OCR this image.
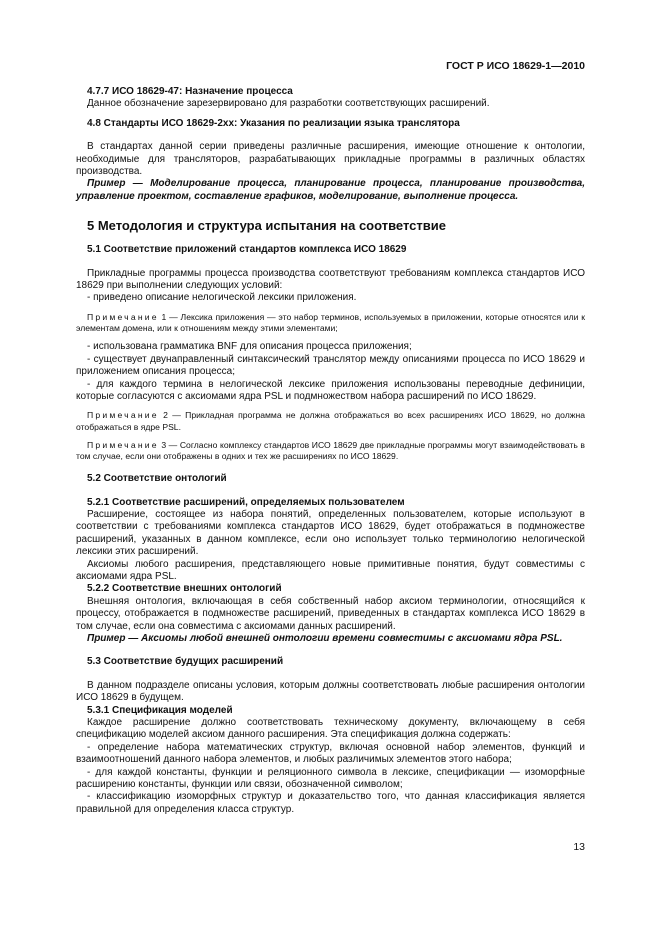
ГОСТ Р ИСО 18629-1—2010

4.7.7 ИСО 18629-47: Назначение процесса

Данное обозначение зарезервировано для разработки соответствующих расширений.

4.8 Стандарты ИСО 18629-2хх: Указания по реализации языка транслятора

В стандартах данной серии приведены различные расширения, имеющие отношение к онтологии, необходимые для трансляторов, разрабатывающих прикладные программы в различных областях производства.

Пример — Моделирование процесса, планирование процесса, планирование производства, управление проектом, составление графиков, моделирование, выполнение процесса.

5 Методология и структура испытания на соответствие

5.1 Соответствие приложений стандартов комплекса ИСО 18629

Прикладные программы процесса производства соответствуют требованиям комплекса стандартов ИСО 18629 при выполнении следующих условий:

- приведено описание нелогической лексики приложения.

Примечание 1 — Лексика приложения — это набор терминов, используемых в приложении, которые относятся или к элементам домена, или к отношениям между этими элементами;

- использована грамматика BNF для описания процесса приложения;

- существует двунаправленный синтаксический транслятор между описаниями процесса по ИСО 18629 и приложением описания процесса;

- для каждого термина в нелогической лексике приложения использованы переводные дефиниции, которые согласуются с аксиомами ядра PSL и подмножеством набора расширений по ИСО 18629.

Примечание 2 — Прикладная программа не должна отображаться во всех расширениях ИСО 18629, но должна отображаться в ядре PSL.

Примечание 3 — Согласно комплексу стандартов ИСО 18629 две прикладные программы могут взаимодействовать в том случае, если они отображены в одних и тех же расширениях по ИСО 18629.

5.2 Соответствие онтологий

5.2.1 Соответствие расширений, определяемых пользователем

Расширение, состоящее из набора понятий, определенных пользователем, которые используют в соответствии с требованиями комплекса стандартов ИСО 18629, будет отображаться в подмножестве расширений, указанных в данном комплексе, если оно использует только терминологию нелогической лексики этих расширений.

Аксиомы любого расширения, представляющего новые примитивные понятия, будут совместимы с аксиомами ядра PSL.

5.2.2 Соответствие внешних онтологий

Внешняя онтология, включающая в себя собственный набор аксиом терминологии, относящийся к процессу, отображается в подмножестве расширений, приведенных в стандартах комплекса ИСО 18629 в том случае, если она совместима с аксиомами данных расширений.

Пример — Аксиомы любой внешней онтологии времени совместимы с аксиомами ядра PSL.

5.3 Соответствие будущих расширений

В данном подразделе описаны условия, которым должны соответствовать любые расширения онтологии ИСО 18629 в будущем.

5.3.1 Спецификация моделей

Каждое расширение должно соответствовать техническому документу, включающему в себя спецификацию моделей аксиом данного расширения. Эта спецификация должна содержать:

- определение набора математических структур, включая основной набор элементов, функций и взаимоотношений данного набора элементов, и любых различимых элементов этого набора;

- для каждой константы, функции и реляционного символа в лексике, спецификации — изоморфные расширению константы, функции или связи, обозначенной символом;

- классификацию изоморфных структур и доказательство того, что данная классификация является правильной для определения класса структур.

13
